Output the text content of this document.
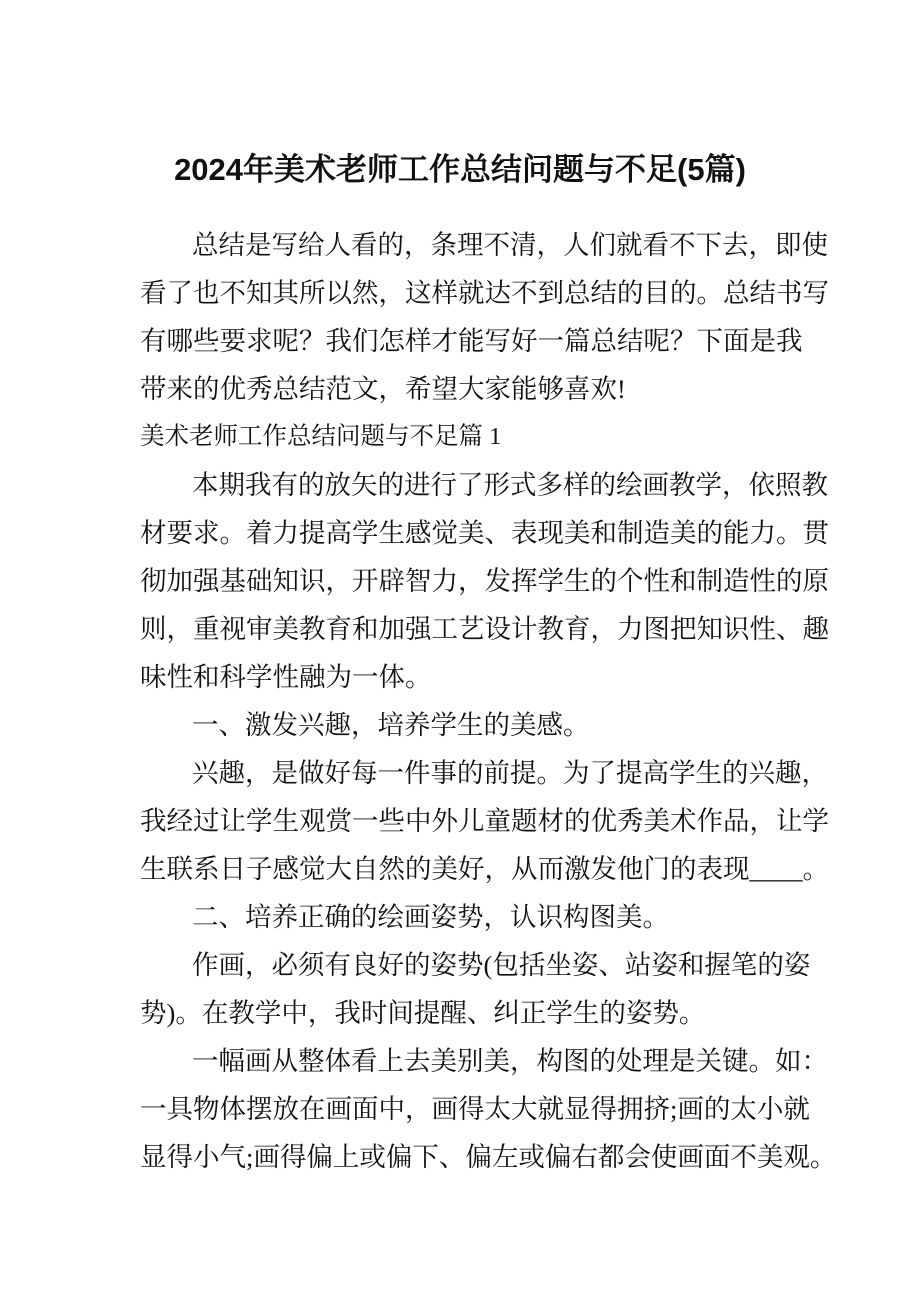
2024年美术老师工作总结问题与不足(5篇)
总结是写给人看的，条理不清，人们就看不下去，即使
看了也不知其所以然，这样就达不到总结的目的。总结书写
有哪些要求呢？我们怎样才能写好一篇总结呢？下面是我
带来的优秀总结范文，希望大家能够喜欢!
美术老师工作总结问题与不足篇 1
本期我有的放矢的进行了形式多样的绘画教学，依照教
材要求。着力提高学生感觉美、表现美和制造美的能力。贯
彻加强基础知识，开辟智力，发挥学生的个性和制造性的原
则，重视审美教育和加强工艺设计教育，力图把知识性、趣
味性和科学性融为一体。
一、激发兴趣，培养学生的美感。
兴趣，是做好每一件事的前提。为了提高学生的兴趣，
我经过让学生观赏一些中外儿童题材的优秀美术作品，让学
生联系日子感觉大自然的美好，从而激发他门的表现____。
二、培养正确的绘画姿势，认识构图美。
作画，必须有良好的姿势(包括坐姿、站姿和握笔的姿
势)。在教学中，我时间提醒、纠正学生的姿势。
一幅画从整体看上去美别美，构图的处理是关键。如：
一具物体摆放在画面中，画得太大就显得拥挤;画的太小就
显得小气;画得偏上或偏下、偏左或偏右都会使画面不美观。
